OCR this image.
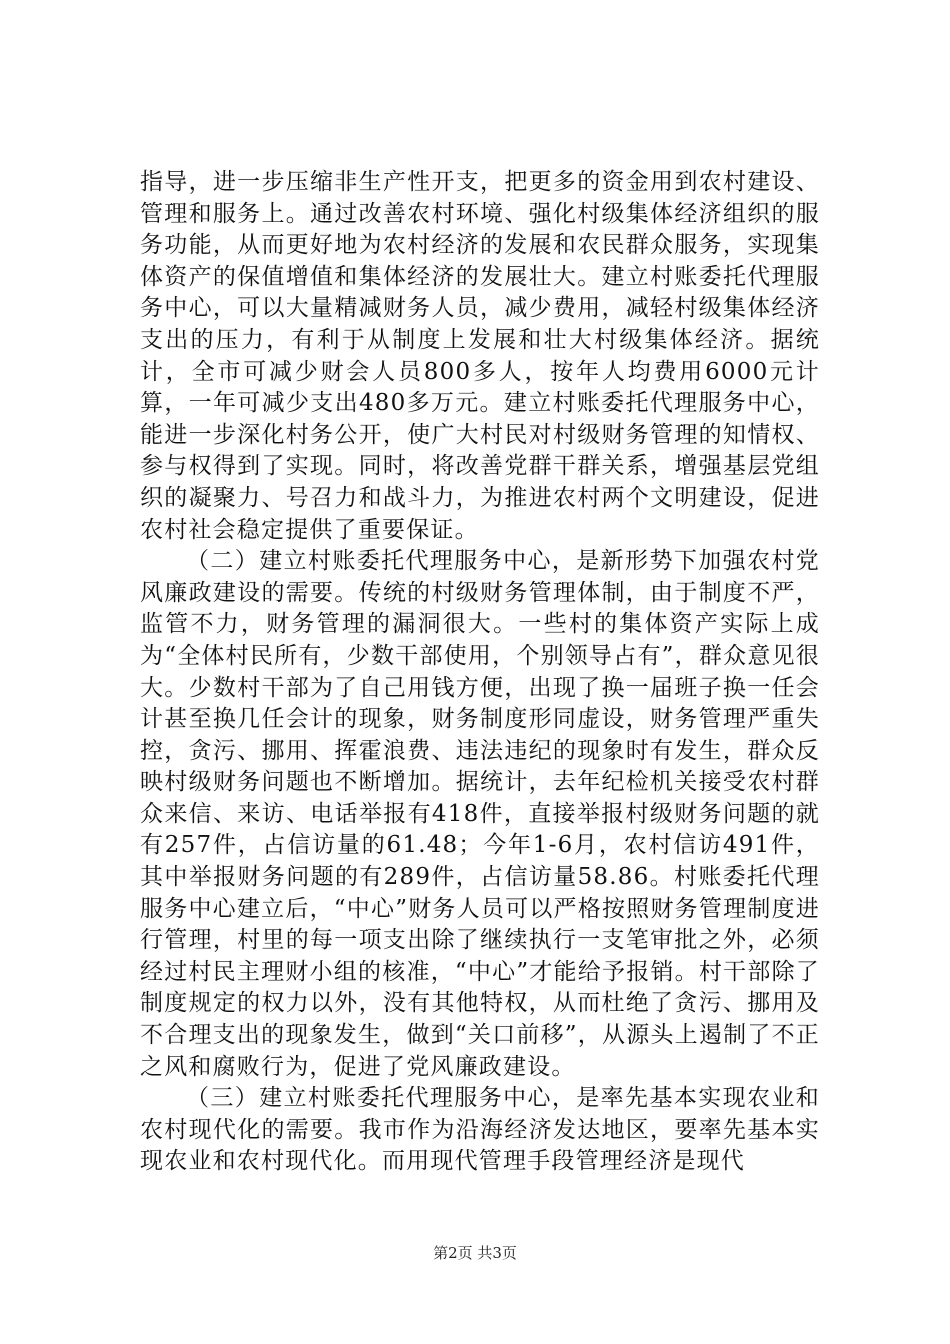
指导，进一步压缩非生产性开支，把更多的资金用到农村建设、管理和服务上。通过改善农村环境、强化村级集体经济组织的服务功能，从而更好地为农村经济的发展和农民群众服务，实现集体资产的保值增值和集体经济的发展壮大。建立村账委托代理服务中心，可以大量精减财务人员，减少费用，减轻村级集体经济支出的压力，有利于从制度上发展和壮大村级集体经济。据统计，全市可减少财会人员800多人，按年人均费用6000元计算，一年可减少支出480多万元。建立村账委托代理服务中心，能进一步深化村务公开，使广大村民对村级财务管理的知情权、参与权得到了实现。同时，将改善党群干群关系，增强基层党组织的凝聚力、号召力和战斗力，为推进农村两个文明建设，促进农村社会稳定提供了重要保证。

（二）建立村账委托代理服务中心，是新形势下加强农村党风廉政建设的需要。传统的村级财务管理体制，由于制度不严，监管不力，财务管理的漏洞很大。一些村的集体资产实际上成为“全体村民所有，少数干部使用，个别领导占有”，群众意见很大。少数村干部为了自己用钱方便，出现了换一届班子换一任会计甚至换几任会计的现象，财务制度形同虚设，财务管理严重失控，贪污、挪用、挥霍浪费、违法违纪的现象时有发生，群众反映村级财务问题也不断增加。据统计，去年纪检机关接受农村群众来信、来访、电话举报有418件，直接举报村级财务问题的就有257件，占信访量的61.48；今年1-6月，农村信访491件，其中举报财务问题的有289件，占信访量58.86。村账委托代理服务中心建立后，“中心”财务人员可以严格按照财务管理制度进行管理，村里的每一项支出除了继续执行一支笔审批之外，必须经过村民主理财小组的核准，“中心”才能给予报销。村干部除了制度规定的权力以外，没有其他特权，从而杜绝了贪污、挪用及不合理支出的现象发生，做到“关口前移”，从源头上遏制了不正之风和腐败行为，促进了党风廉政建设。

（三）建立村账委托代理服务中心，是率先基本实现农业和农村现代化的需要。我市作为沿海经济发达地区，要率先基本实现农业和农村现代化。而用现代管理手段管理经济是现代

第2页 共3页
